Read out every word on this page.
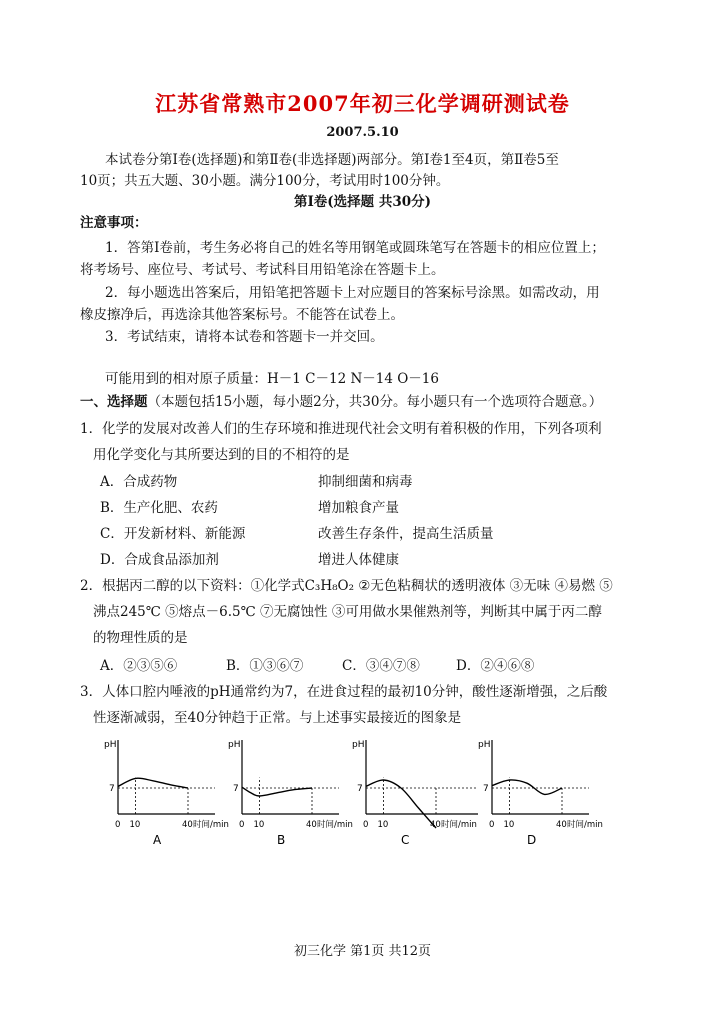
江苏省常熟市2007年初三化学调研测试卷
2007.5.10
本试卷分第Ⅰ卷(选择题)和第Ⅱ卷(非选择题)两部分。第Ⅰ卷1至4页，第Ⅱ卷5至
10页；共五大题、30小题。满分100分，考试用时100分钟。
第Ⅰ卷(选择题 共30分)
注意事项：
1．答第Ⅰ卷前，考生务必将自己的姓名等用钢笔或圆珠笔写在答题卡的相应位置上；
将考场号、座位号、考试号、考试科目用铅笔涂在答题卡上。
2．每小题选出答案后，用铅笔把答题卡上对应题目的答案标号涂黑。如需改动，用
橡皮擦净后，再选涂其他答案标号。不能答在试卷上。
3．考试结束，请将本试卷和答题卡一并交回。
可能用到的相对原子质量：H－1 C－12 N－14 O－16
一、选择题（本题包括15小题，每小题2分，共30分。每小题只有一个选项符合题意。）
1．化学的发展对改善人们的生存环境和推进现代社会文明有着积极的作用，下列各项利
用化学变化与其所要达到的目的不相符的是
A．合成药物	抑制细菌和病毒
B．生产化肥、农药	增加粮食产量
C．开发新材料、新能源	改善生存条件，提高生活质量
D．合成食品添加剂	增进人体健康
2．根据丙二醇的以下资料：①化学式C₃H₈O₂ ②无色粘稠状的透明液体 ③无味 ④易燃 ⑤
沸点245℃ ⑤熔点－6.5℃ ⑦无腐蚀性 ③可用做水果催熟剂等，判断其中属于丙二醇
的物理性质的是
A．②③⑤⑥	B．①③⑥⑦	C．③④⑦⑧	D．②④⑥⑧
3．人体口腔内唾液的pH通常约为7，在进食过程的最初10分钟，酸性逐渐增强，之后酸
性逐渐减弱，至40分钟趋于正常。与上述事实最接近的图象是
pH
7
0 10	40 时间/min
A
pH
7
0 10	40 时间/min
B
pH
7
0 10	40 时间/min
C
pH
7
0 10	40 时间/min
D
初三化学 第1页 共12页
